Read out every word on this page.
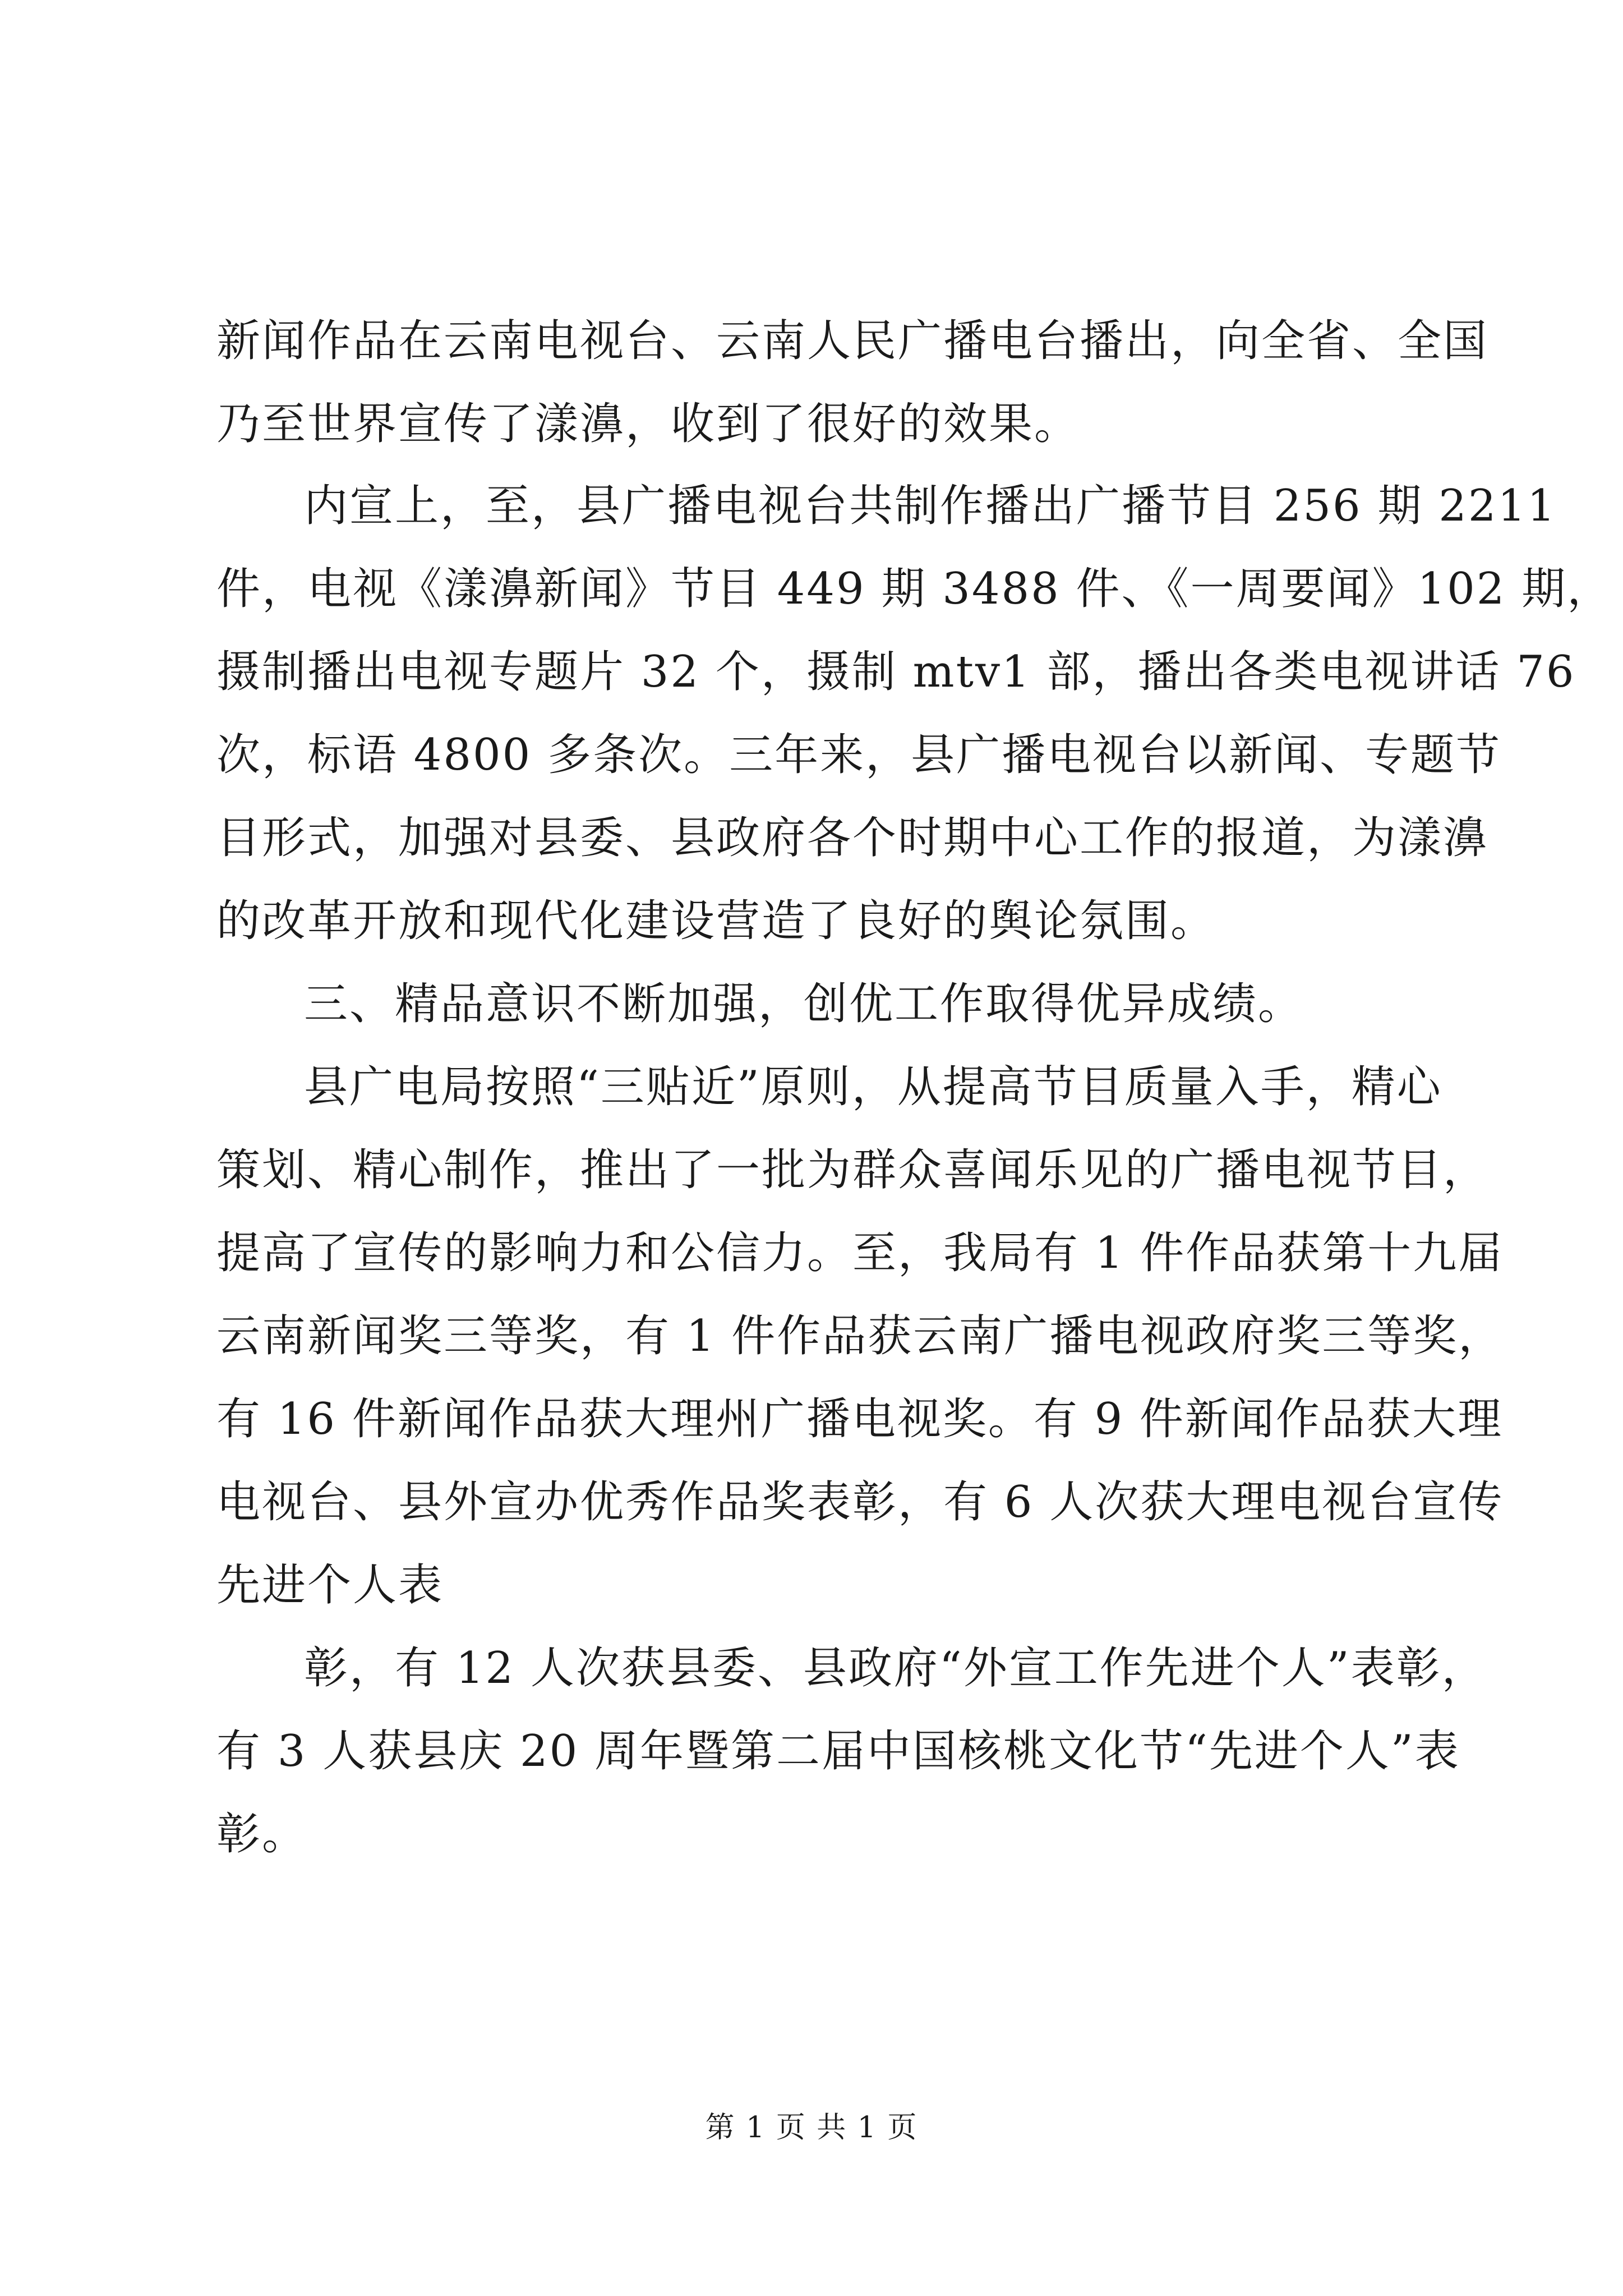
新闻作品在云南电视台、云南人民广播电台播出，向全省、全国
乃至世界宣传了漾濞，收到了很好的效果。
内宣上，至，县广播电视台共制作播出广播节目 256 期 2211
件，电视《漾濞新闻》节目 449 期 3488 件、《一周要闻》102 期，
摄制播出电视专题片 32 个，摄制 mtv1 部，播出各类电视讲话 76
次，标语 4800 多条次。三年来，县广播电视台以新闻、专题节
目形式，加强对县委、县政府各个时期中心工作的报道，为漾濞
的改革开放和现代化建设营造了良好的舆论氛围。
三、精品意识不断加强，创优工作取得优异成绩。
县广电局按照“三贴近”原则，从提高节目质量入手，精心
策划、精心制作，推出了一批为群众喜闻乐见的广播电视节目，
提高了宣传的影响力和公信力。至，我局有 1 件作品获第十九届
云南新闻奖三等奖，有 1 件作品获云南广播电视政府奖三等奖，
有 16 件新闻作品获大理州广播电视奖。有 9 件新闻作品获大理
电视台、县外宣办优秀作品奖表彰，有 6 人次获大理电视台宣传
先进个人表
彰，有 12 人次获县委、县政府“外宣工作先进个人”表彰，
有 3 人获县庆 20 周年暨第二届中国核桃文化节“先进个人”表
彰。
第 1 页 共 1 页
